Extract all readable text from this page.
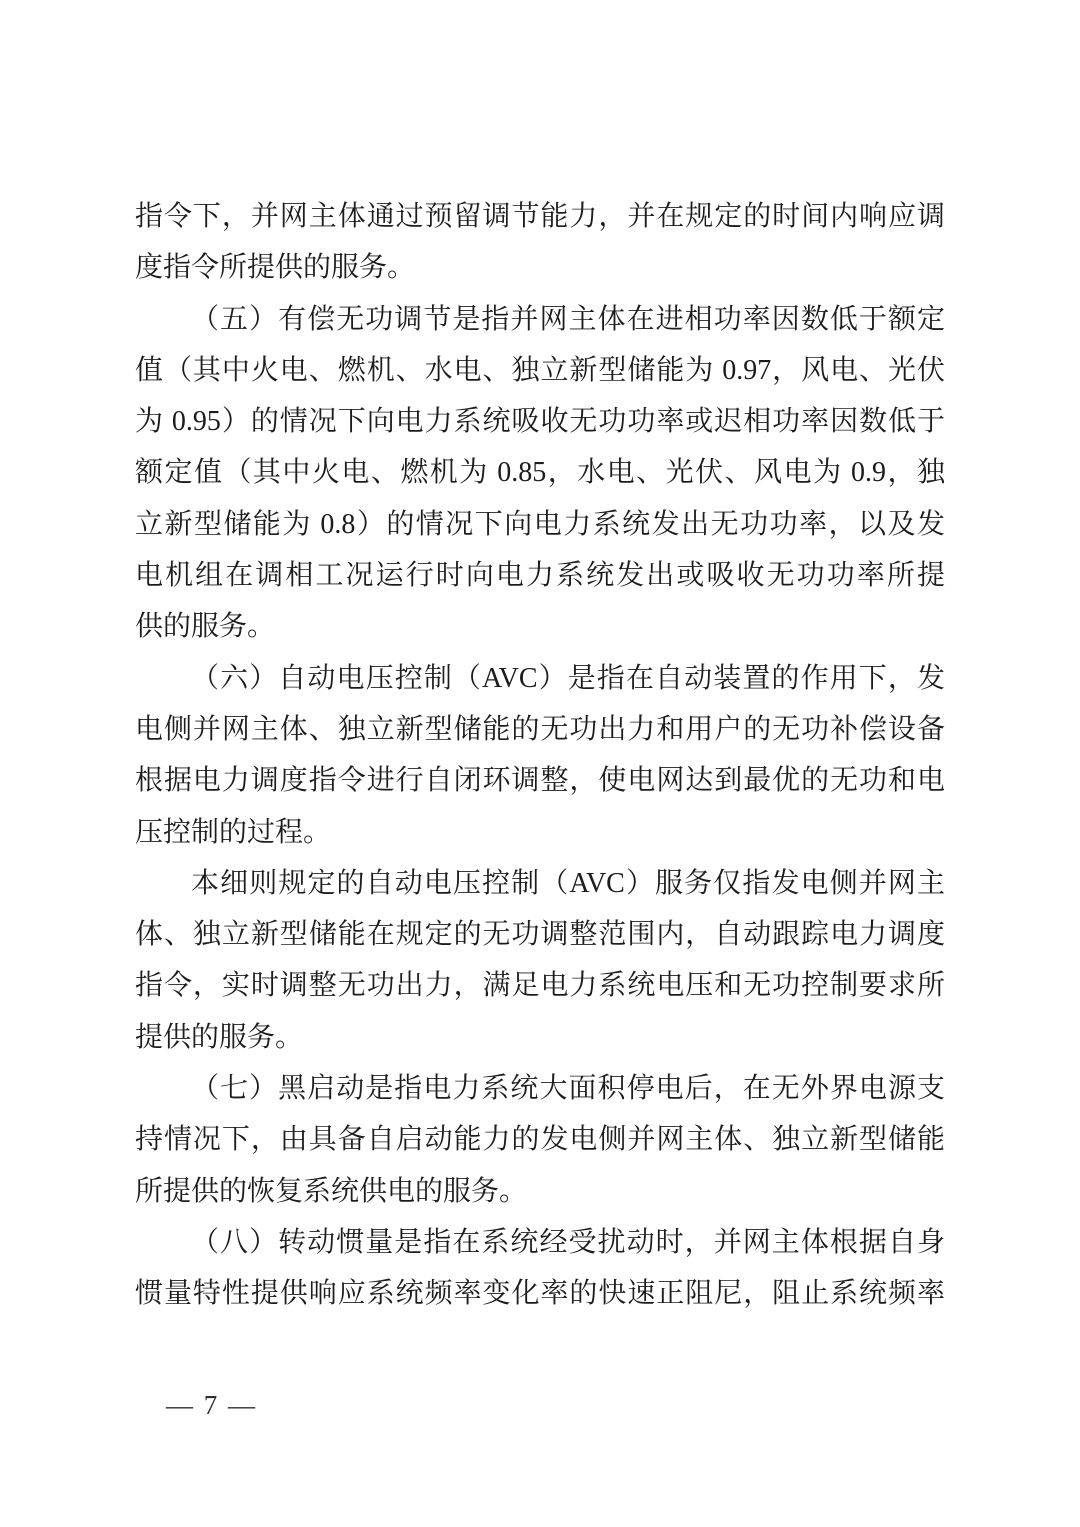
指令下，并网主体通过预留调节能力，并在规定的时间内响应调
度指令所提供的服务。
（五）有偿无功调节是指并网主体在进相功率因数低于额定
值（其中火电、燃机、水电、独立新型储能为 0.97，风电、光伏
为 0.95）的情况下向电力系统吸收无功功率或迟相功率因数低于
额定值（其中火电、燃机为 0.85，水电、光伏、风电为 0.9，独
立新型储能为 0.8）的情况下向电力系统发出无功功率，以及发
电机组在调相工况运行时向电力系统发出或吸收无功功率所提
供的服务。
（六）自动电压控制（AVC）是指在自动装置的作用下，发
电侧并网主体、独立新型储能的无功出力和用户的无功补偿设备
根据电力调度指令进行自闭环调整，使电网达到最优的无功和电
压控制的过程。
本细则规定的自动电压控制（AVC）服务仅指发电侧并网主
体、独立新型储能在规定的无功调整范围内，自动跟踪电力调度
指令，实时调整无功出力，满足电力系统电压和无功控制要求所
提供的服务。
（七）黑启动是指电力系统大面积停电后，在无外界电源支
持情况下，由具备自启动能力的发电侧并网主体、独立新型储能
所提供的恢复系统供电的服务。
（八）转动惯量是指在系统经受扰动时，并网主体根据自身
惯量特性提供响应系统频率变化率的快速正阻尼，阻止系统频率
— 7 —
